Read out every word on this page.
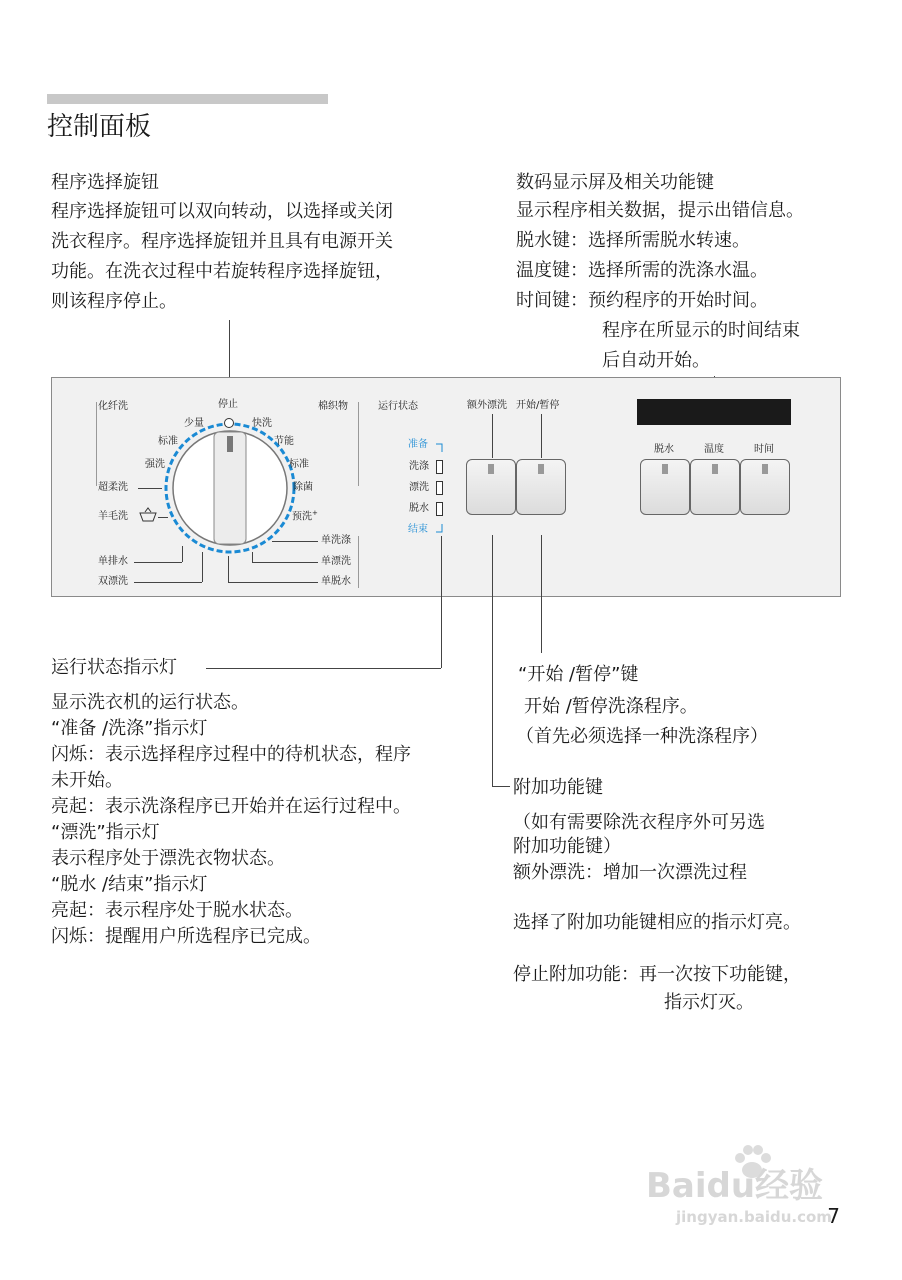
控制面板
程序选择旋钮
程序选择旋钮可以双向转动，以选择或关闭
洗衣程序。程序选择旋钮并且具有电源开关
功能。在洗衣过程中若旋转程序选择旋钮，
则该程序停止。
数码显示屏及相关功能键
显示程序相关数据，提示出错信息。
脱水键：选择所需脱水转速。
温度键：选择所需的洗涤水温。
时间键：预约程序的开始时间。
程序在所显示的时间结束
后自动开始。
化纤洗	停止
少量
标准
强洗
超柔洗
羊毛洗
棉织物
快洗
节能
标准
除菌
预洗+
单排水
双漂洗
单洗涤
单漂洗
单脱水
运行状态
准备
洗涤
漂洗
脱水
结束
额外漂洗 开始/暂停
脱水	温度	时间
运行状态指示灯
显示洗衣机的运行状态。
“准备 /洗涤”指示灯
闪烁：表示选择程序过程中的待机状态，程序
未开始。
亮起：表示洗涤程序已开始并在运行过程中。
“漂洗”指示灯
表示程序处于漂洗衣物状态。
“脱水 /结束”指示灯
亮起：表示程序处于脱水状态。
闪烁：提醒用户所选程序已完成。
“开始 /暂停”键
开始 /暂停洗涤程序。
（首先必须选择一种洗涤程序）
附加功能键
（如有需要除洗衣程序外可另选
附加功能键）
额外漂洗：增加一次漂洗过程
选择了附加功能键相应的指示灯亮。
停止附加功能：再一次按下功能键，
指示灯灭。
Baidu经验
jingyan.baidu.com
7
